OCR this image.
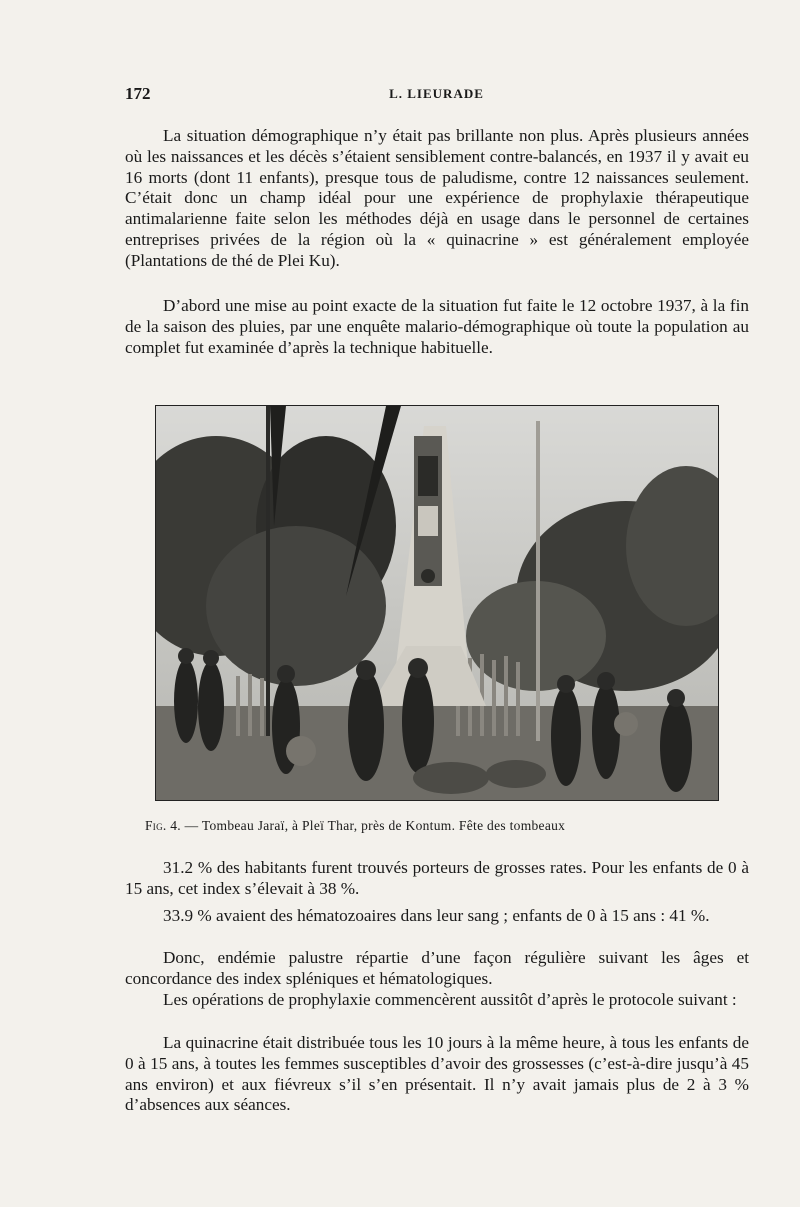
172	L. LIEURADE

La situation démographique n’y était pas brillante non plus. Après plusieurs années où les naissances et les décès s’étaient sensiblement contre-balancés, en 1937 il y avait eu 16 morts (dont 11 enfants), presque tous de paludisme, contre 12 naissances seulement. C’était donc un champ idéal pour une expérience de prophylaxie thérapeutique antimalarienne faite selon les méthodes déjà en usage dans le personnel de certaines entreprises privées de la région où la « quinacrine » est généralement employée (Plantations de thé de Plei Ku).

D’abord une mise au point exacte de la situation fut faite le 12 octobre 1937, à la fin de la saison des pluies, par une enquête malario-démographique où toute la population au complet fut examinée d’après la technique habituelle.

Fig. 4. — Tombeau Jaraï, à Pleï Thar, près de Kontum. Fête des tombeaux

31.2 % des habitants furent trouvés porteurs de grosses rates. Pour les enfants de 0 à 15 ans, cet index s’élevait à 38 %.

33.9 % avaient des hématozoaires dans leur sang ; enfants de 0 à 15 ans : 41 %.

Donc, endémie palustre répartie d’une façon régulière suivant les âges et concordance des index spléniques et hématologiques.

Les opérations de prophylaxie commencèrent aussitôt d’après le protocole suivant :

La quinacrine était distribuée tous les 10 jours à la même heure, à tous les enfants de 0 à 15 ans, à toutes les femmes susceptibles d’avoir des grossesses (c’est-à-dire jusqu’à 45 ans environ) et aux fiévreux s’il s’en présentait. Il n’y avait jamais plus de 2 à 3 % d’absences aux séances.
